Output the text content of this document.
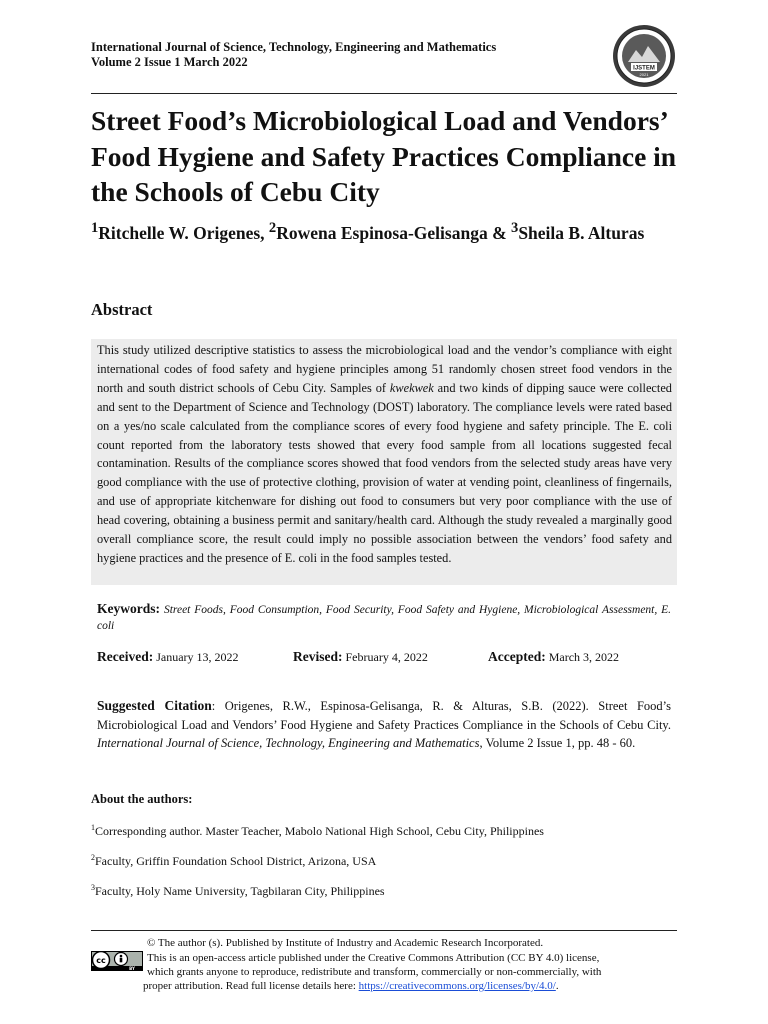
International Journal of Science, Technology, Engineering and Mathematics
Volume 2 Issue 1 March 2022	IJSTEM
2021
Street Food’s Microbiological Load and Vendors’ Food Hygiene and Safety Practices Compliance in the Schools of Cebu City

$^1$Ritchelle W. Origenes, $^2$Rowena Espinosa-Gelisanga & $^3$Sheila B. Alturas

Abstract

This study utilized descriptive statistics to assess the microbiological load and the vendor’s compliance with eight international codes of food safety and hygiene principles among 51 randomly chosen street food vendors in the north and south district schools of Cebu City. Samples of kwekwek and two kinds of dipping sauce were collected and sent to the Department of Science and Technology (DOST) laboratory. The compliance levels were rated based on a yes/no scale calculated from the compliance scores of every food hygiene and safety principle. The E. coli count reported from the laboratory tests showed that every food sample from all locations suggested fecal contamination. Results of the compliance scores showed that food vendors from the selected study areas have very good compliance with the use of protective clothing, provision of water at vending point, cleanliness of fingernails, and use of appropriate kitchenware for dishing out food to consumers but very poor compliance with the use of head covering, obtaining a business permit and sanitary/health card. Although the study revealed a marginally good overall compliance score, the result could imply no possible association between the vendors’ food safety and hygiene practices and the presence of E. coli in the food samples tested.

Keywords: Street Foods, Food Consumption, Food Security, Food Safety and Hygiene, Microbiological Assessment, E. coli

Received: January 13, 2022	Revised: February 4, 2022	Accepted: March 3, 2022

Suggested Citation: Origenes, R.W., Espinosa-Gelisanga, R. & Alturas, S.B. (2022). Street Food’s Microbiological Load and Vendors’ Food Hygiene and Safety Practices Compliance in the Schools of Cebu City. International Journal of Science, Technology, Engineering and Mathematics, Volume 2 Issue 1, pp. 48 - 60.

About the authors:
$^1$Corresponding author. Master Teacher, Mabolo National High School, Cebu City, Philippines
$^2$Faculty, Griffin Foundation School District, Arizona, USA
$^3$Faculty, Holy Name University, Tagbilaran City, Philippines
cc
BY
© The author (s). Published by Institute of Industry and Academic Research Incorporated.
This is an open-access article published under the Creative Commons Attribution (CC BY 4.0) license,
which grants anyone to reproduce, redistribute and transform, commercially or non-commercially, with
proper attribution. Read full license details here: https://creativecommons.org/licenses/by/4.0/.
